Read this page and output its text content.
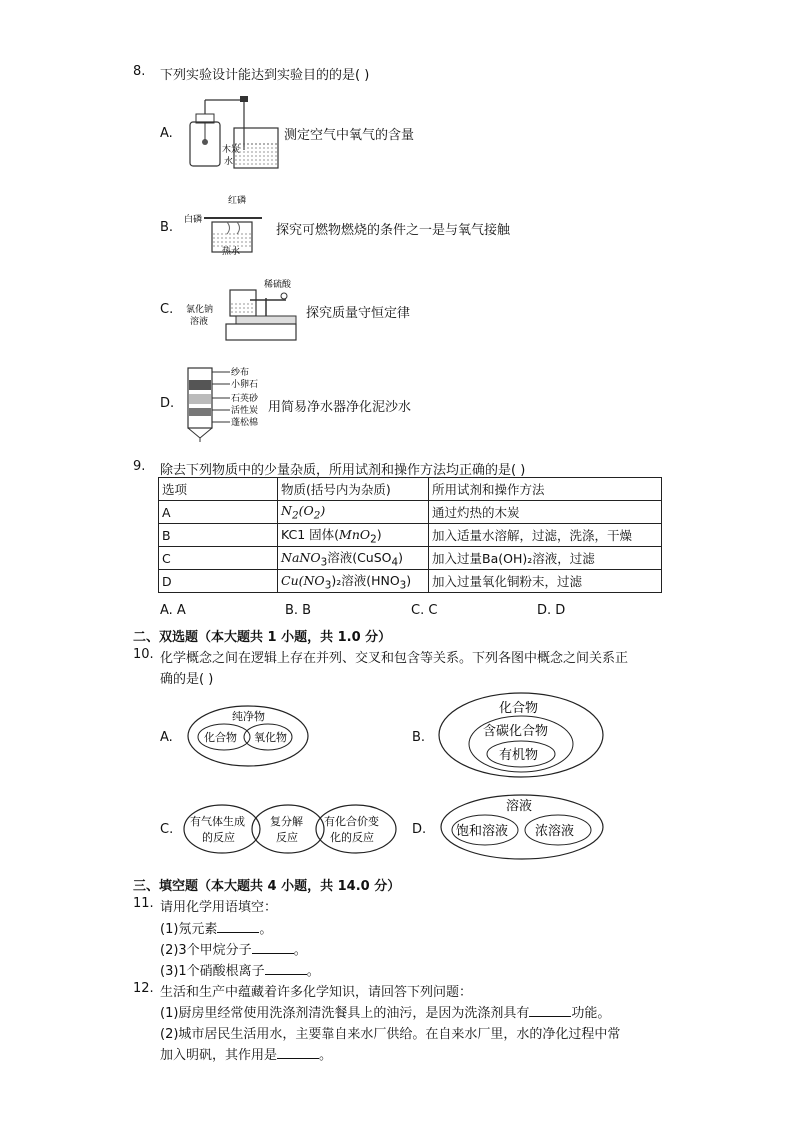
8. 下列实验设计能达到实验目的的是( )
A.
木炭
水
测定空气中氧气的含量
B.
红磷
白磷
热水
探究可燃物燃烧的条件之一是与氧气接触
C.
稀硫酸
氯化钠
溶液
探究质量守恒定律
D.
纱布
小卵石
石英砂
活性炭
蓬松棉
用简易净水器净化泥沙水
9. 除去下列物质中的少量杂质，所用试剂和操作方法均正确的是( )
选项	物质(括号内为杂质)	所用试剂和操作方法
A	$N_2(O_2)$	通过灼热的木炭
B	KC1 固体(MnO$_2$)	加入适量水溶解，过滤，洗涤，干燥
C	NaNO$_3$溶液(CuSO$_4$)	加入过量Ba(OH)₂溶液，过滤
D	$Cu(NO_3)_2$溶液$(HNO_3)$	加入过量氧化铜粉末，过滤
A. A	B. B	C. C	D. D
二、双选题（本大题共 1 小题，共 1.0 分）
10. 化学概念之间在逻辑上存在并列、交叉和包含等关系。下列各图中概念之间关系正
确的是( )
A.
纯净物
化合物 氧化物	B.
化合物
含碳化合物
有机物
C.
有气体生成
的反应
复分解
反应
有化合价变
化的反应
D.
溶液
饱和溶液 浓溶液
三、填空题（本大题共 4 小题，共 14.0 分）
11. 请用化学用语填空：
(1)氖元素	。
(2)3个甲烷分子	。
(3)1个硝酸根离子	。
12. 生活和生产中蕴藏着许多化学知识，请回答下列问题：
(1)厨房里经常使用洗涤剂清洗餐具上的油污，是因为洗涤剂具有	功能。
(2)城市居民生活用水，主要靠自来水厂供给。在自来水厂里，水的净化过程中常
加入明矾，其作用是	。
